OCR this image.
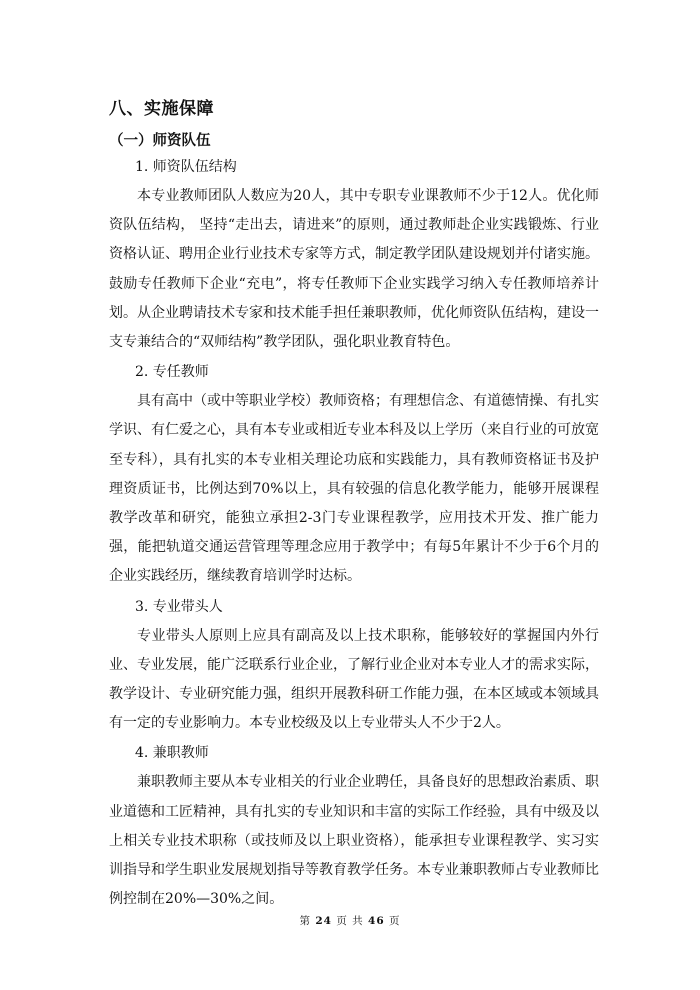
八、实施保障
（一）师资队伍
1. 师资队伍结构

本专业教师团队人数应为20人，其中专职专业课教师不少于12人。优化师资队伍结构， 坚持“走出去，请进来”的原则，通过教师赴企业实践锻炼、行业资格认证、聘用企业行业技术专家等方式，制定教学团队建设规划并付诸实施。鼓励专任教师下企业“充电”，将专任教师下企业实践学习纳入专任教师培养计划。从企业聘请技术专家和技术能手担任兼职教师，优化师资队伍结构，建设一支专兼结合的“双师结构”教学团队，强化职业教育特色。

2. 专任教师

具有高中（或中等职业学校）教师资格；有理想信念、有道德情操、有扎实学识、有仁爱之心，具有本专业或相近专业本科及以上学历（来自行业的可放宽至专科），具有扎实的本专业相关理论功底和实践能力，具有教师资格证书及护理资质证书，比例达到70%以上，具有较强的信息化教学能力，能够开展课程教学改革和研究，能独立承担2-3门专业课程教学，应用技术开发、推广能力强，能把轨道交通运营管理等理念应用于教学中；有每5年累计不少于6个月的企业实践经历，继续教育培训学时达标。

3. 专业带头人

专业带头人原则上应具有副高及以上技术职称，能够较好的掌握国内外行业、专业发展，能广泛联系行业企业，了解行业企业对本专业人才的需求实际，教学设计、专业研究能力强，组织开展教科研工作能力强，在本区域或本领域具有一定的专业影响力。本专业校级及以上专业带头人不少于2人。

4. 兼职教师

兼职教师主要从本专业相关的行业企业聘任，具备良好的思想政治素质、职业道德和工匠精神，具有扎实的专业知识和丰富的实际工作经验，具有中级及以上相关专业技术职称（或技师及以上职业资格），能承担专业课程教学、实习实训指导和学生职业发展规划指导等教育教学任务。本专业兼职教师占专业教师比例控制在20%—30%之间。

第 24 页 共 46 页
